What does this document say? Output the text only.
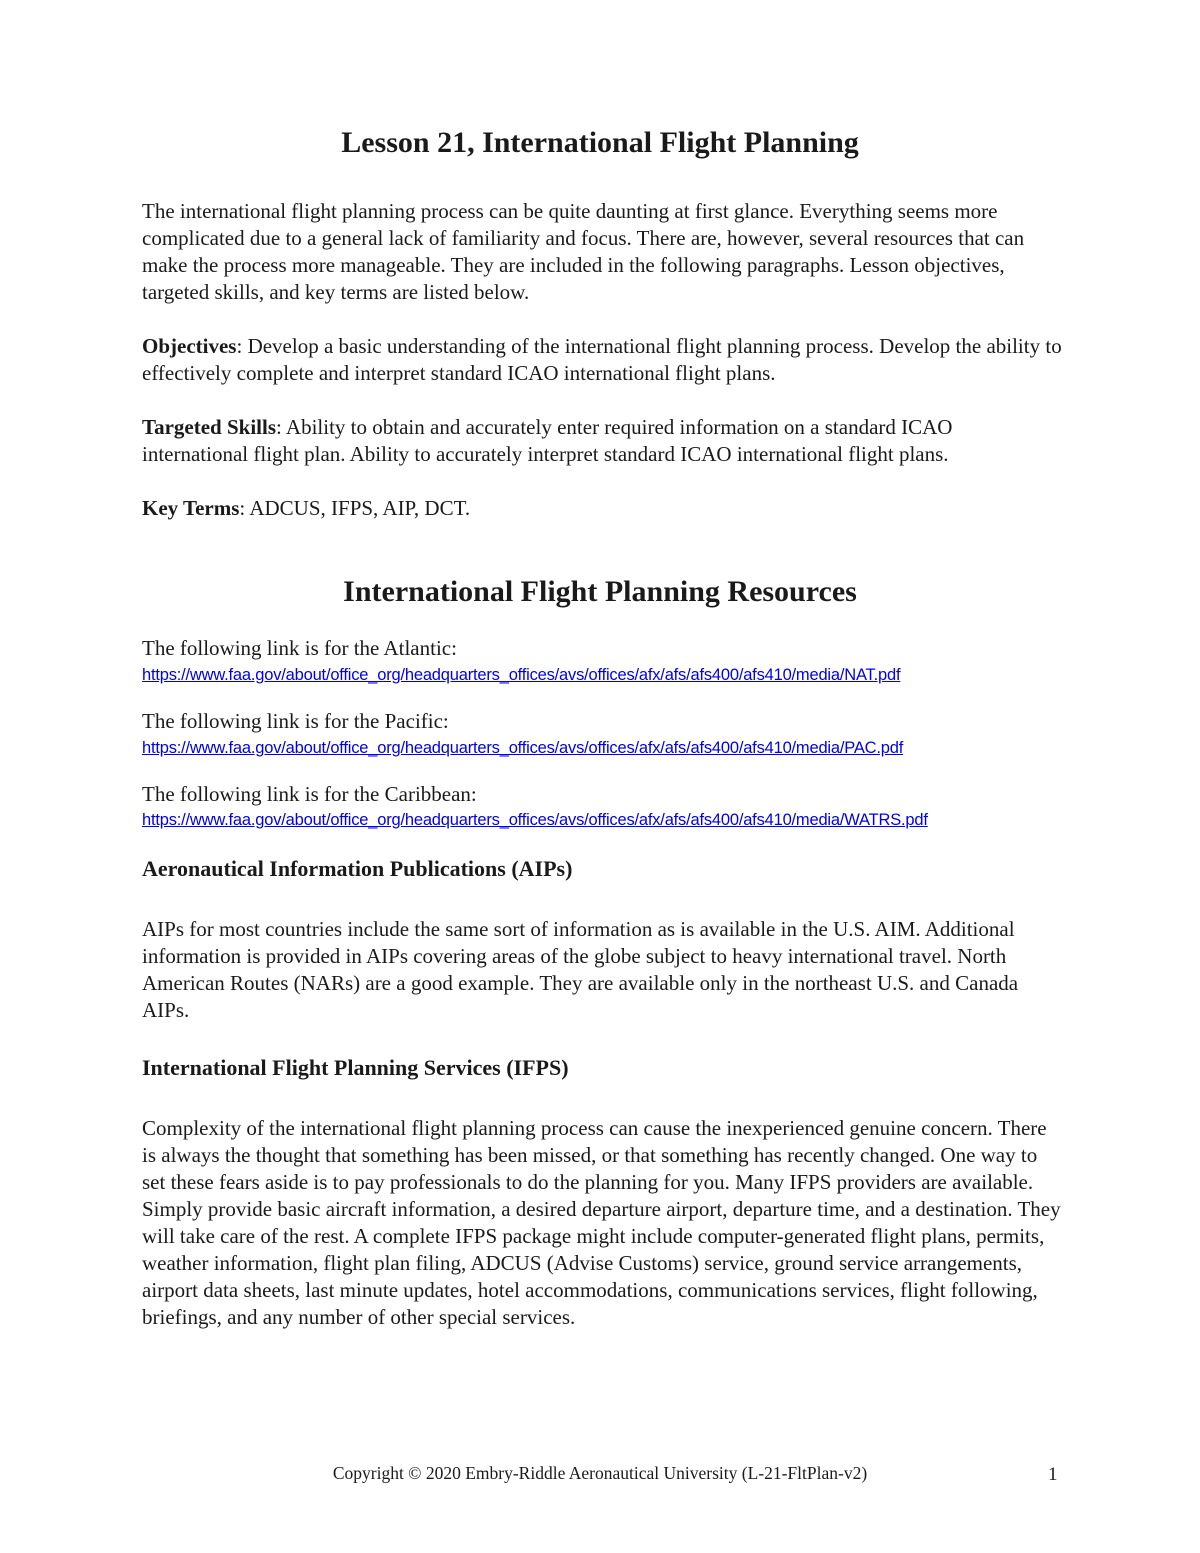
Lesson 21, International Flight Planning

The international flight planning process can be quite daunting at first glance. Everything seems more complicated due to a general lack of familiarity and focus. There are, however, several resources that can make the process more manageable. They are included in the following paragraphs. Lesson objectives, targeted skills, and key terms are listed below.

Objectives: Develop a basic understanding of the international flight planning process. Develop the ability to effectively complete and interpret standard ICAO international flight plans.

Targeted Skills: Ability to obtain and accurately enter required information on a standard ICAO international flight plan. Ability to accurately interpret standard ICAO international flight plans.

Key Terms: ADCUS, IFPS, AIP, DCT.

International Flight Planning Resources

The following link is for the Atlantic:

https://www.faa.gov/about/office_org/headquarters_offices/avs/offices/afx/afs/afs400/afs410/media/NAT.pdf

The following link is for the Pacific:

https://www.faa.gov/about/office_org/headquarters_offices/avs/offices/afx/afs/afs400/afs410/media/PAC.pdf

The following link is for the Caribbean:

https://www.faa.gov/about/office_org/headquarters_offices/avs/offices/afx/afs/afs400/afs410/media/WATRS.pdf
Aeronautical Information Publications (AIPs)

AIPs for most countries include the same sort of information as is available in the U.S. AIM. Additional information is provided in AIPs covering areas of the globe subject to heavy international travel. North American Routes (NARs) are a good example. They are available only in the northeast U.S. and Canada AIPs.

International Flight Planning Services (IFPS)

Complexity of the international flight planning process can cause the inexperienced genuine concern. There is always the thought that something has been missed, or that something has recently changed. One way to set these fears aside is to pay professionals to do the planning for you. Many IFPS providers are available. Simply provide basic aircraft information, a desired departure airport, departure time, and a destination. They will take care of the rest. A complete IFPS package might include computer-generated flight plans, permits, weather information, flight plan filing, ADCUS (Advise Customs) service, ground service arrangements, airport data sheets, last minute updates, hotel accommodations, communications services, flight following, briefings, and any number of other special services.

Copyright © 2020 Embry-Riddle Aeronautical University (L-21-FltPlan-v2)	1
